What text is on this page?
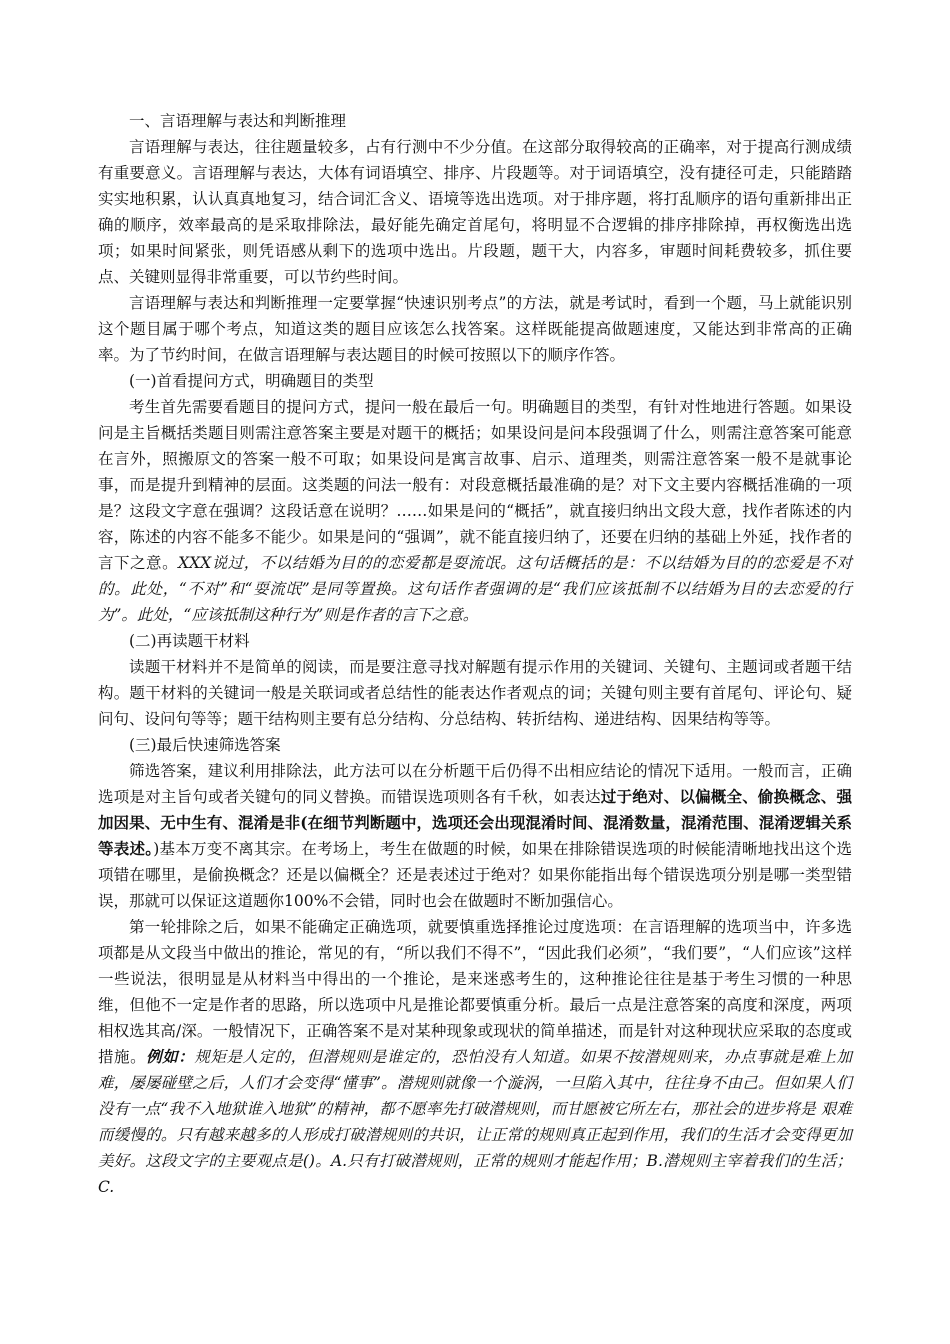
一、言语理解与表达和判断推理

言语理解与表达，往往题量较多，占有行测中不少分值。在这部分取得较高的正确率，对于提高行测成绩有重要意义。言语理解与表达，大体有词语填空、排序、片段题等。对于词语填空，没有捷径可走，只能踏踏实实地积累，认认真真地复习，结合词汇含义、语境等选出选项。对于排序题，将打乱顺序的语句重新排出正确的顺序，效率最高的是采取排除法，最好能先确定首尾句，将明显不合逻辑的排序排除掉，再权衡选出选项；如果时间紧张，则凭语感从剩下的选项中选出。片段题，题干大，内容多，审题时间耗费较多，抓住要点、关键则显得非常重要，可以节约些时间。

言语理解与表达和判断推理一定要掌握“快速识别考点”的方法，就是考试时，看到一个题，马上就能识别这个题目属于哪个考点，知道这类的题目应该怎么找答案。这样既能提高做题速度，又能达到非常高的正确率。为了节约时间，在做言语理解与表达题目的时候可按照以下的顺序作答。

(一)首看提问方式，明确题目的类型

考生首先需要看题目的提问方式，提问一般在最后一句。明确题目的类型，有针对性地进行答题。如果设问是主旨概括类题目则需注意答案主要是对题干的概括；如果设问是问本段强调了什么，则需注意答案可能意在言外，照搬原文的答案一般不可取；如果设问是寓言故事、启示、道理类，则需注意答案一般不是就事论事，而是提升到精神的层面。这类题的问法一般有：对段意概括最准确的是？对下文主要内容概括准确的一项是？这段文字意在强调？这段话意在说明？……如果是问的“概括”，就直接归纳出文段大意，找作者陈述的内容，陈述的内容不能多不能少。如果是问的“强调”，就不能直接归纳了，还要在归纳的基础上外延，找作者的言下之意。XXX说过，不以结婚为目的的恋爱都是耍流氓。这句话概括的是：不以结婚为目的的恋爱是不对的。此处，“不对”和“耍流氓”是同等置换。这句话作者强调的是“我们应该抵制不以结婚为目的去恋爱的行为”。此处，“应该抵制这种行为”则是作者的言下之意。

(二)再读题干材料

读题干材料并不是简单的阅读，而是要注意寻找对解题有提示作用的关键词、关键句、主题词或者题干结构。题干材料的关键词一般是关联词或者总结性的能表达作者观点的词；关键句则主要有首尾句、评论句、疑问句、设问句等等；题干结构则主要有总分结构、分总结构、转折结构、递进结构、因果结构等等。

(三)最后快速筛选答案

筛选答案，建议利用排除法，此方法可以在分析题干后仍得不出相应结论的情况下适用。一般而言，正确选项是对主旨句或者关键句的同义替换。而错误选项则各有千秋，如表达过于绝对、以偏概全、偷换概念、强加因果、无中生有、混淆是非(在细节判断题中，选项还会出现混淆时间、混淆数量，混淆范围、混淆逻辑关系等表述。)基本万变不离其宗。在考场上，考生在做题的时候，如果在排除错误选项的时候能清晰地找出这个选项错在哪里，是偷换概念？还是以偏概全？还是表述过于绝对？如果你能指出每个错误选项分别是哪一类型错误，那就可以保证这道题你100%不会错，同时也会在做题时不断加强信心。

第一轮排除之后，如果不能确定正确选项，就要慎重选择推论过度选项：在言语理解的选项当中，许多选项都是从文段当中做出的推论，常见的有，“所以我们不得不”，“因此我们必须”，“我们要”，“人们应该”这样一些说法，很明显是从材料当中得出的一个推论，是来迷惑考生的，这种推论往往是基于考生习惯的一种思维，但他不一定是作者的思路，所以选项中凡是推论都要慎重分析。最后一点是注意答案的高度和深度，两项相权选其高/深。一般情况下，正确答案不是对某种现象或现状的简单描述，而是针对这种现状应采取的态度或措施。例如：规矩是人定的，但潜规则是谁定的，恐怕没有人知道。如果不按潜规则来，办点事就是难上加难，屡屡碰壁之后，人们才会变得“懂事”。潜规则就像一个漩涡，一旦陷入其中，往往身不由己。但如果人们没有一点“我不入地狱谁入地狱”的精神，都不愿率先打破潜规则，而甘愿被它所左右，那社会的进步将是 艰难而缓慢的。只有越来越多的人形成打破潜规则的共识，让正常的规则真正起到作用，我们的生活才会变得更加美好。这段文字的主要观点是()。A.只有打破潜规则，正常的规则才能起作用；B.潜规则主宰着我们的生活；C.
